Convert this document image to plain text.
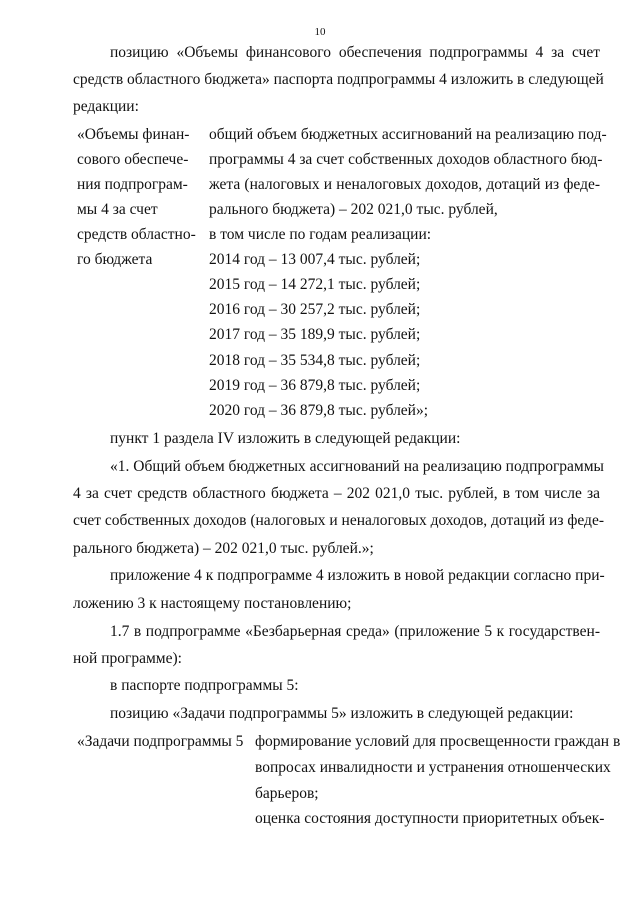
10
позицию «Объемы финансового обеспечения подпрограммы 4 за счет
средств областного бюджета» паспорта подпрограммы 4 изложить в следующей
редакции:
«Объемы финан-
сового обеспече-
ния подпрограм-
мы 4 за счет
средств областно-
го бюджета
общий объем бюджетных ассигнований на реализацию под-
программы 4 за счет собственных доходов областного бюд-
жета (налоговых и неналоговых доходов, дотаций из феде-
рального бюджета) – 202 021,0 тыс. рублей,
в том числе по годам реализации:
2014 год – 13 007,4 тыс. рублей;
2015 год – 14 272,1 тыс. рублей;
2016 год – 30 257,2 тыс. рублей;
2017 год – 35 189,9 тыс. рублей;
2018 год – 35 534,8 тыс. рублей;
2019 год – 36 879,8 тыс. рублей;
2020 год – 36 879,8 тыс. рублей»;
пункт 1 раздела IV изложить в следующей редакции:
«1. Общий объем бюджетных ассигнований на реализацию подпрограммы
4 за счет средств областного бюджета – 202 021,0 тыс. рублей, в том числе за
счет собственных доходов (налоговых и неналоговых доходов, дотаций из феде-
рального бюджета) – 202 021,0 тыс. рублей.»;
приложение 4 к подпрограмме 4 изложить в новой редакции согласно при-
ложению 3 к настоящему постановлению;
1.7 в подпрограмме «Безбарьерная среда» (приложение 5 к государствен-
ной программе):
в паспорте подпрограммы 5:
позицию «Задачи подпрограммы 5» изложить в следующей редакции:
«Задачи подпрограммы 5 формирование условий для просвещенности граждан в
вопросах инвалидности и устранения отношенческих
барьеров;
оценка состояния доступности приоритетных объек-
